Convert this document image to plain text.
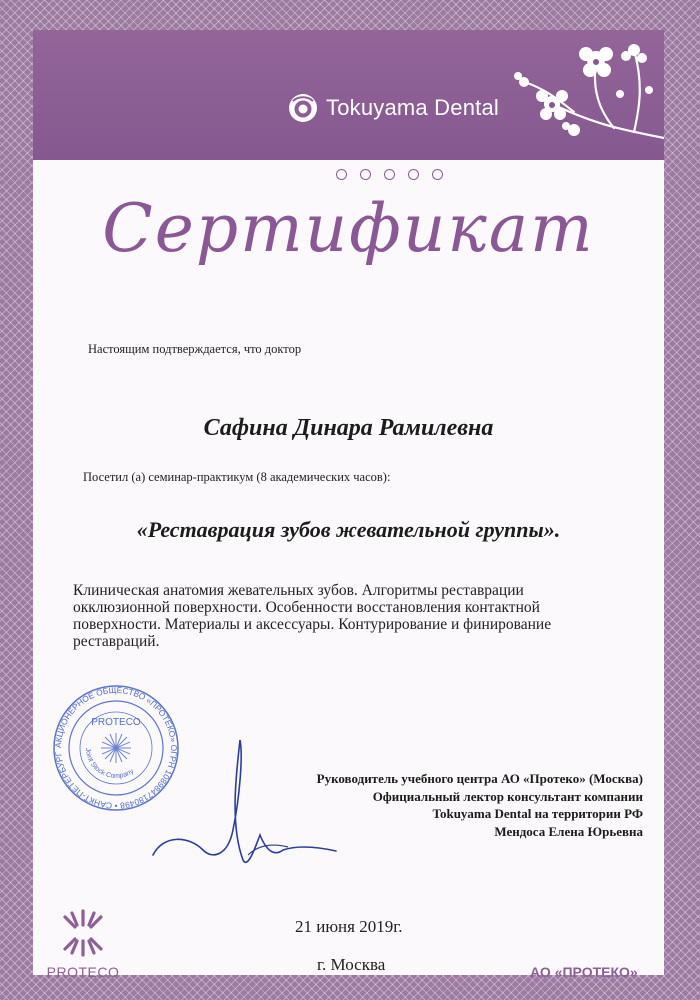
Tokuyama Dental
Сертификат
Настоящим подтверждается, что доктор
Сафина Динара Рамилевна
Посетил (а) семинар-практикум (8 академических часов):
«Реставрация зубов жевательной группы».
Клиническая анатомия жевательных зубов. Алгоритмы реставрации окклюзионной поверхности. Особенности восстановления контактной поверхности. Материалы и аксессуары. Контурирование и финирование реставраций.
АКЦИОНЕРНОЕ ОБЩЕСТВО «ПРОТЕКО» ОГРН 1089847180498 • САНКТ-ПЕТЕРБУРГ
PROTECO
Joint Stock Company	Руководитель учебного центра АО «Протеко» (Москва)
Официальный лектор консультант компании
Tokuyama Dental на территории РФ
Мендоса Елена Юрьевна
21 июня 2019г.
г. Москва
PROTECO	АО «ПРОТЕКО»
